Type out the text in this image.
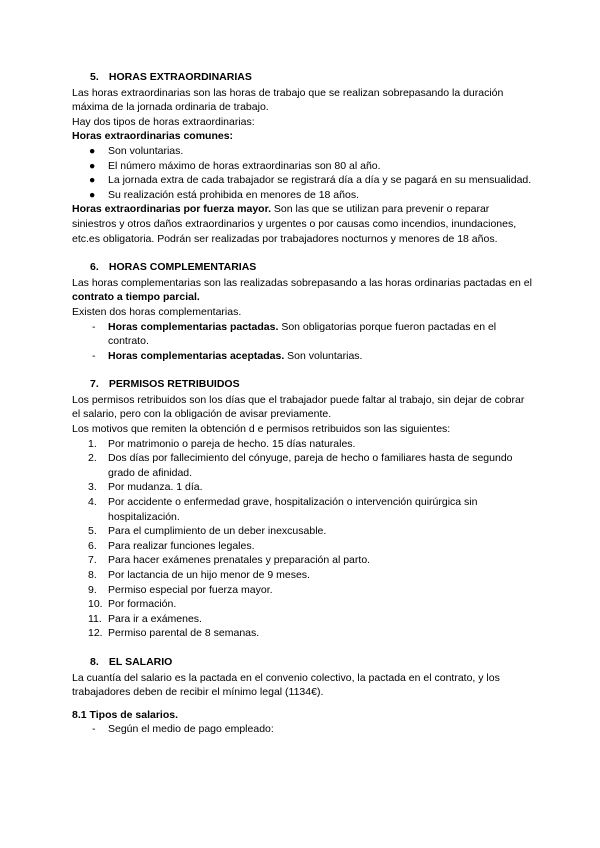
5. HORAS EXTRAORDINARIAS

Las horas extraordinarias son las horas de trabajo que se realizan sobrepasando la duración máxima de la jornada ordinaria de trabajo.

Hay dos tipos de horas extraordinarias:

Horas extraordinarias comunes:

● Son voluntarias.
● El número máximo de horas extraordinarias son 80 al año.
● La jornada extra de cada trabajador se registrará día a día y se pagará en su mensualidad.
● Su realización está prohibida en menores de 18 años.

Horas extraordinarias por fuerza mayor. Son las que se utilizan para prevenir o reparar siniestros y otros daños extraordinarios y urgentes o por causas como incendios, inundaciones, etc.es obligatoria. Podrán ser realizadas por trabajadores nocturnos y menores de 18 años.

6. HORAS COMPLEMENTARIAS

Las horas complementarias son las realizadas sobrepasando a las horas ordinarias pactadas en el contrato a tiempo parcial.

Existen dos horas complementarias.

- Horas complementarias pactadas. Son obligatorias porque fueron pactadas en el contrato.
- Horas complementarias aceptadas. Son voluntarias.
7. PERMISOS RETRIBUIDOS

Los permisos retribuidos son los días que el trabajador puede faltar al trabajo, sin dejar de cobrar el salario, pero con la obligación de avisar previamente.

Los motivos que remiten la obtención d e permisos retribuidos son las siguientes:

1. Por matrimonio o pareja de hecho. 15 días naturales.
2. Dos días por fallecimiento del cónyuge, pareja de hecho o familiares hasta de segundo grado de afinidad.
3. Por mudanza. 1 día.
4. Por accidente o enfermedad grave, hospitalización o intervención quirúrgica sin hospitalización.
5. Para el cumplimiento de un deber inexcusable.
6. Para realizar funciones legales.
7. Para hacer exámenes prenatales y preparación al parto.
8. Por lactancia de un hijo menor de 9 meses.
9. Permiso especial por fuerza mayor.
10. Por formación.
11. Para ir a exámenes.
12. Permiso parental de 8 semanas.
8. EL SALARIO

La cuantía del salario es la pactada en el convenio colectivo, la pactada en el contrato, y los trabajadores deben de recibir el mínimo legal (1134€).

8.1 Tipos de salarios.

- Según el medio de pago empleado:
